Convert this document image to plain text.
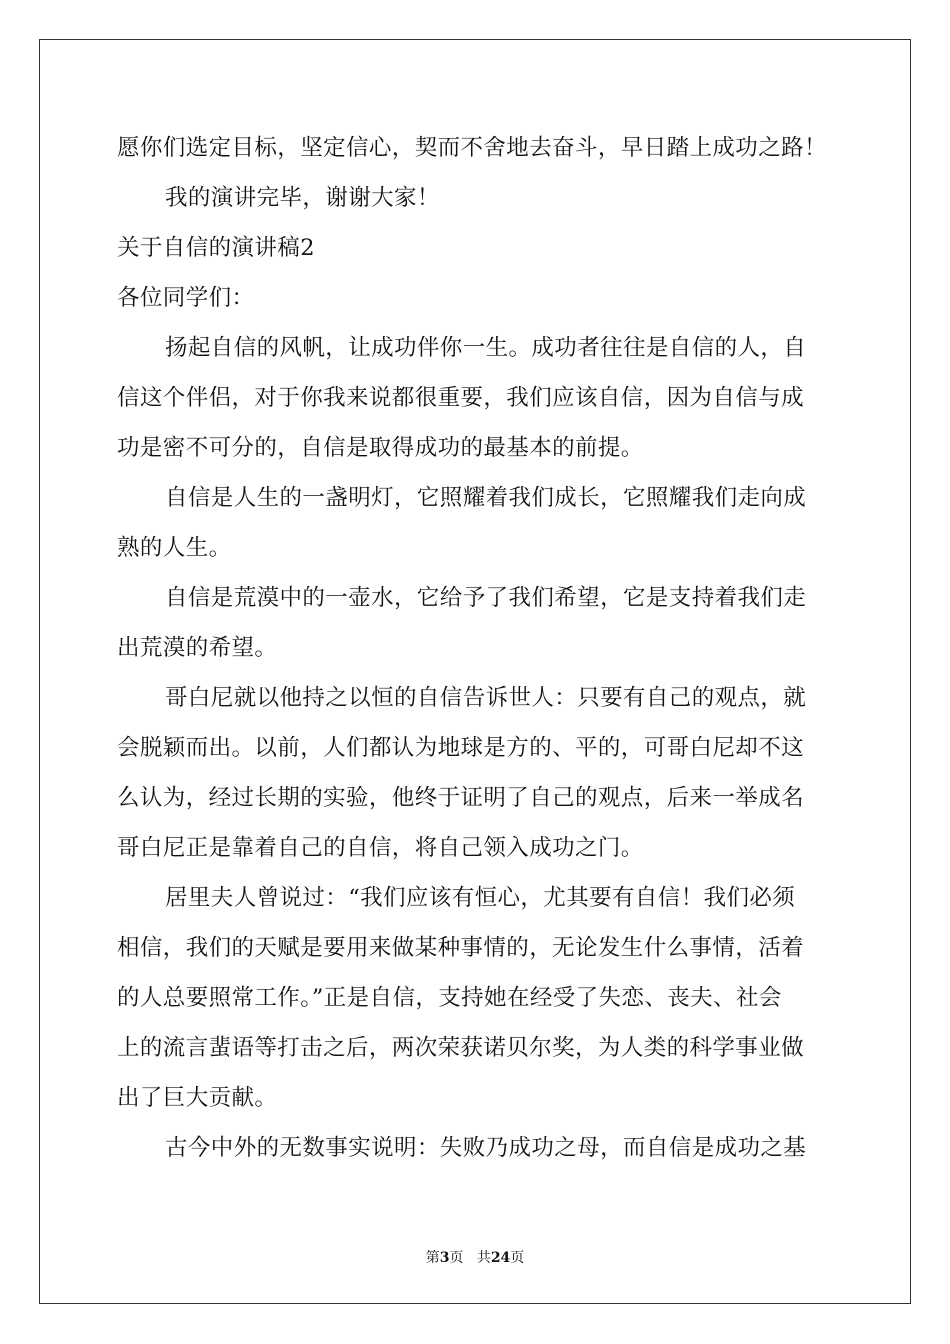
愿你们选定目标，坚定信心，契而不舍地去奋斗，早日踏上成功之路！
我的演讲完毕，谢谢大家！
关于自信的演讲稿2
各位同学们：
扬起自信的风帆，让成功伴你一生。成功者往往是自信的人，自
信这个伴侣，对于你我来说都很重要，我们应该自信，因为自信与成
功是密不可分的，自信是取得成功的最基本的前提。
自信是人生的一盏明灯，它照耀着我们成长，它照耀我们走向成
熟的人生。
自信是荒漠中的一壶水，它给予了我们希望，它是支持着我们走
出荒漠的希望。
哥白尼就以他持之以恒的自信告诉世人：只要有自己的观点，就
会脱颖而出。以前，人们都认为地球是方的、平的，可哥白尼却不这
么认为，经过长期的实验，他终于证明了自己的观点，后来一举成名
哥白尼正是靠着自己的自信，将自己领入成功之门。
居里夫人曾说过：“我们应该有恒心，尤其要有自信！我们必须
相信，我们的天赋是要用来做某种事情的，无论发生什么事情，活着
的人总要照常工作。”正是自信，支持她在经受了失恋、丧夫、社会
上的流言蜚语等打击之后，两次荣获诺贝尔奖，为人类的科学事业做
出了巨大贡献。
古今中外的无数事实说明：失败乃成功之母，而自信是成功之基
第3页 共24页
